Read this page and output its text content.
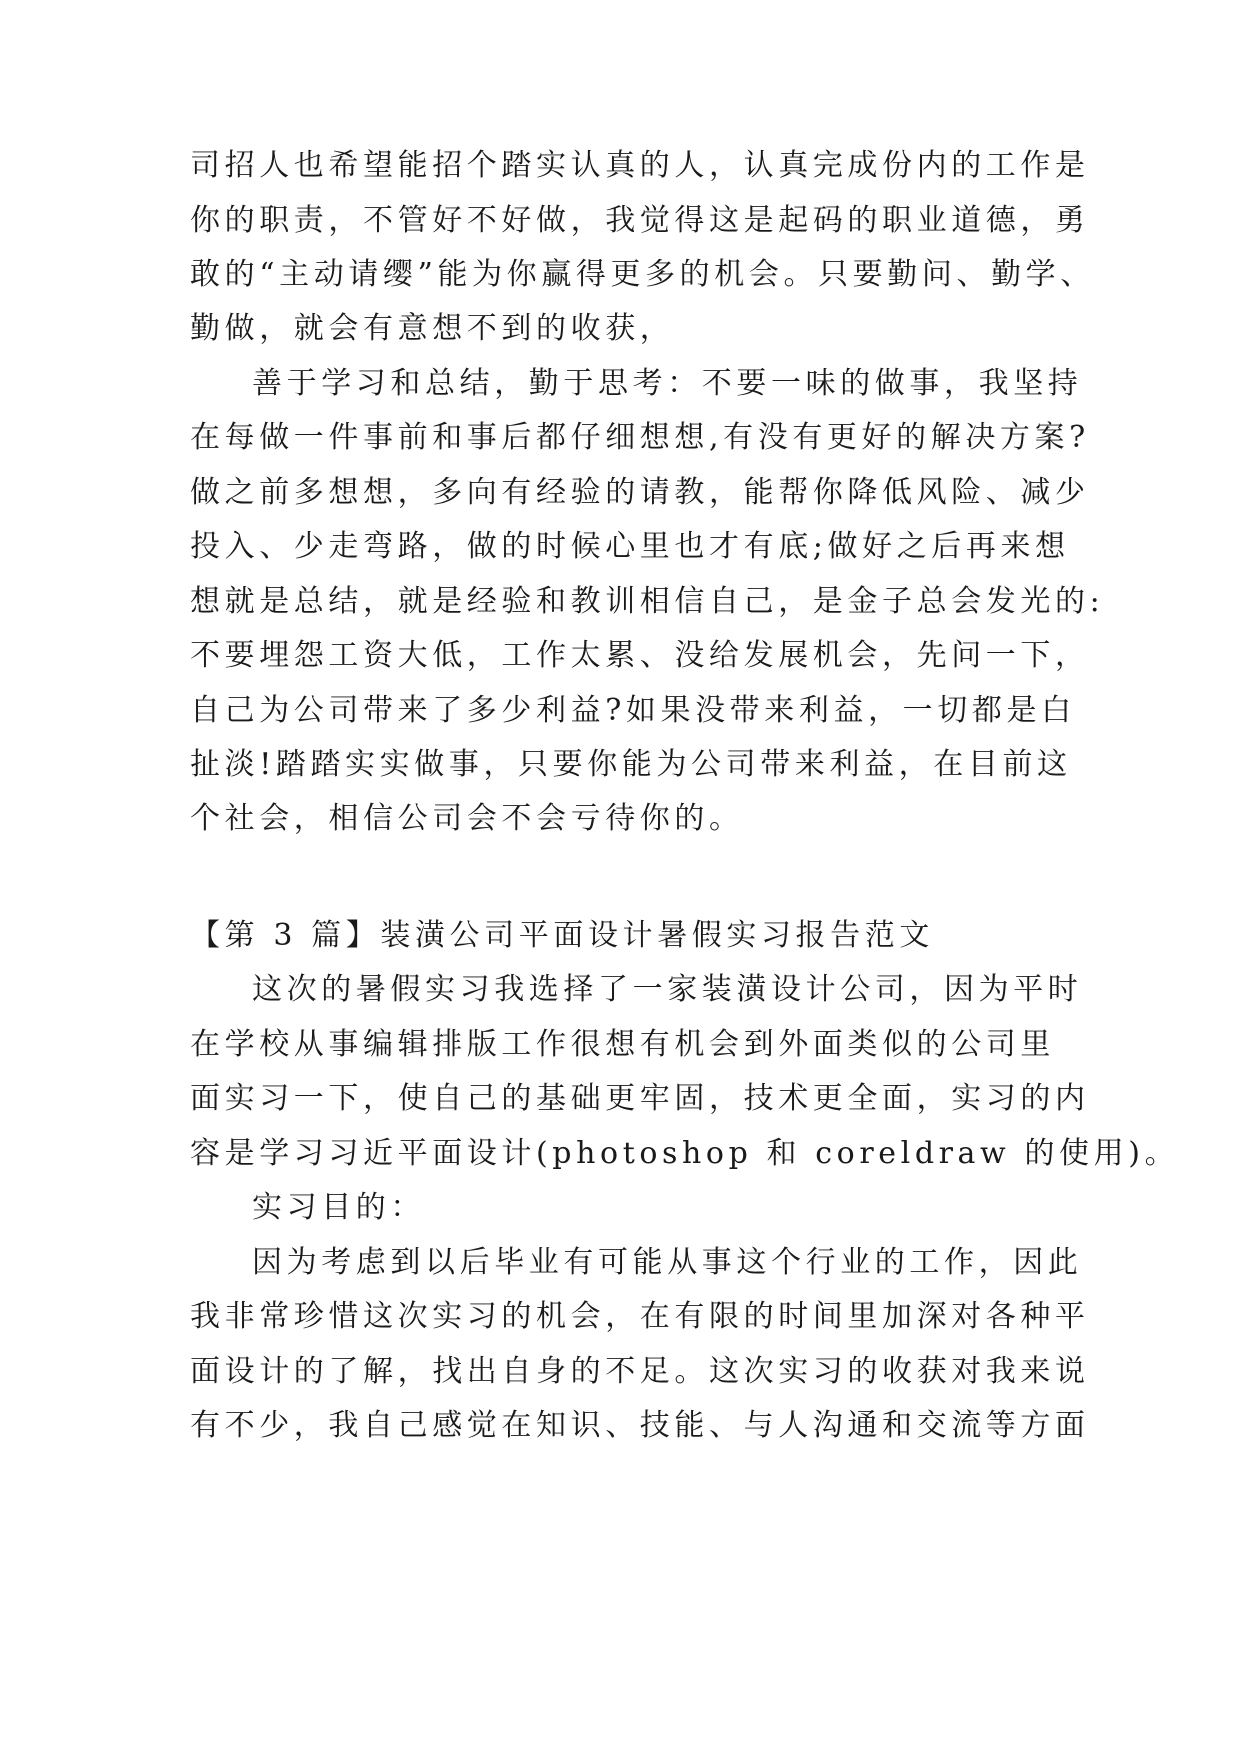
司招人也希望能招个踏实认真的人，认真完成份内的工作是
你的职责，不管好不好做，我觉得这是起码的职业道德，勇
敢的“主动请缨”能为你赢得更多的机会。只要勤问、勤学、
勤做，就会有意想不到的收获，
善于学习和总结，勤于思考：不要一味的做事，我坚持
在每做一件事前和事后都仔细想想,有没有更好的解决方案?
做之前多想想，多向有经验的请教，能帮你降低风险、减少
投入、少走弯路，做的时候心里也才有底;做好之后再来想
想就是总结，就是经验和教训相信自己，是金子总会发光的:
不要埋怨工资大低，工作太累、没给发展机会，先问一下，
自己为公司带来了多少利益?如果没带来利益，一切都是白
扯淡!踏踏实实做事，只要你能为公司带来利益，在目前这
个社会，相信公司会不会亏待你的。
【第 3 篇】装潢公司平面设计暑假实习报告范文
这次的暑假实习我选择了一家装潢设计公司，因为平时
在学校从事编辑排版工作很想有机会到外面类似的公司里
面实习一下，使自己的基础更牢固，技术更全面，实习的内
容是学习习近平面设计(photoshop 和 coreldraw 的使用)。
实习目的：
因为考虑到以后毕业有可能从事这个行业的工作，因此
我非常珍惜这次实习的机会，在有限的时间里加深对各种平
面设计的了解，找出自身的不足。这次实习的收获对我来说
有不少，我自己感觉在知识、技能、与人沟通和交流等方面
